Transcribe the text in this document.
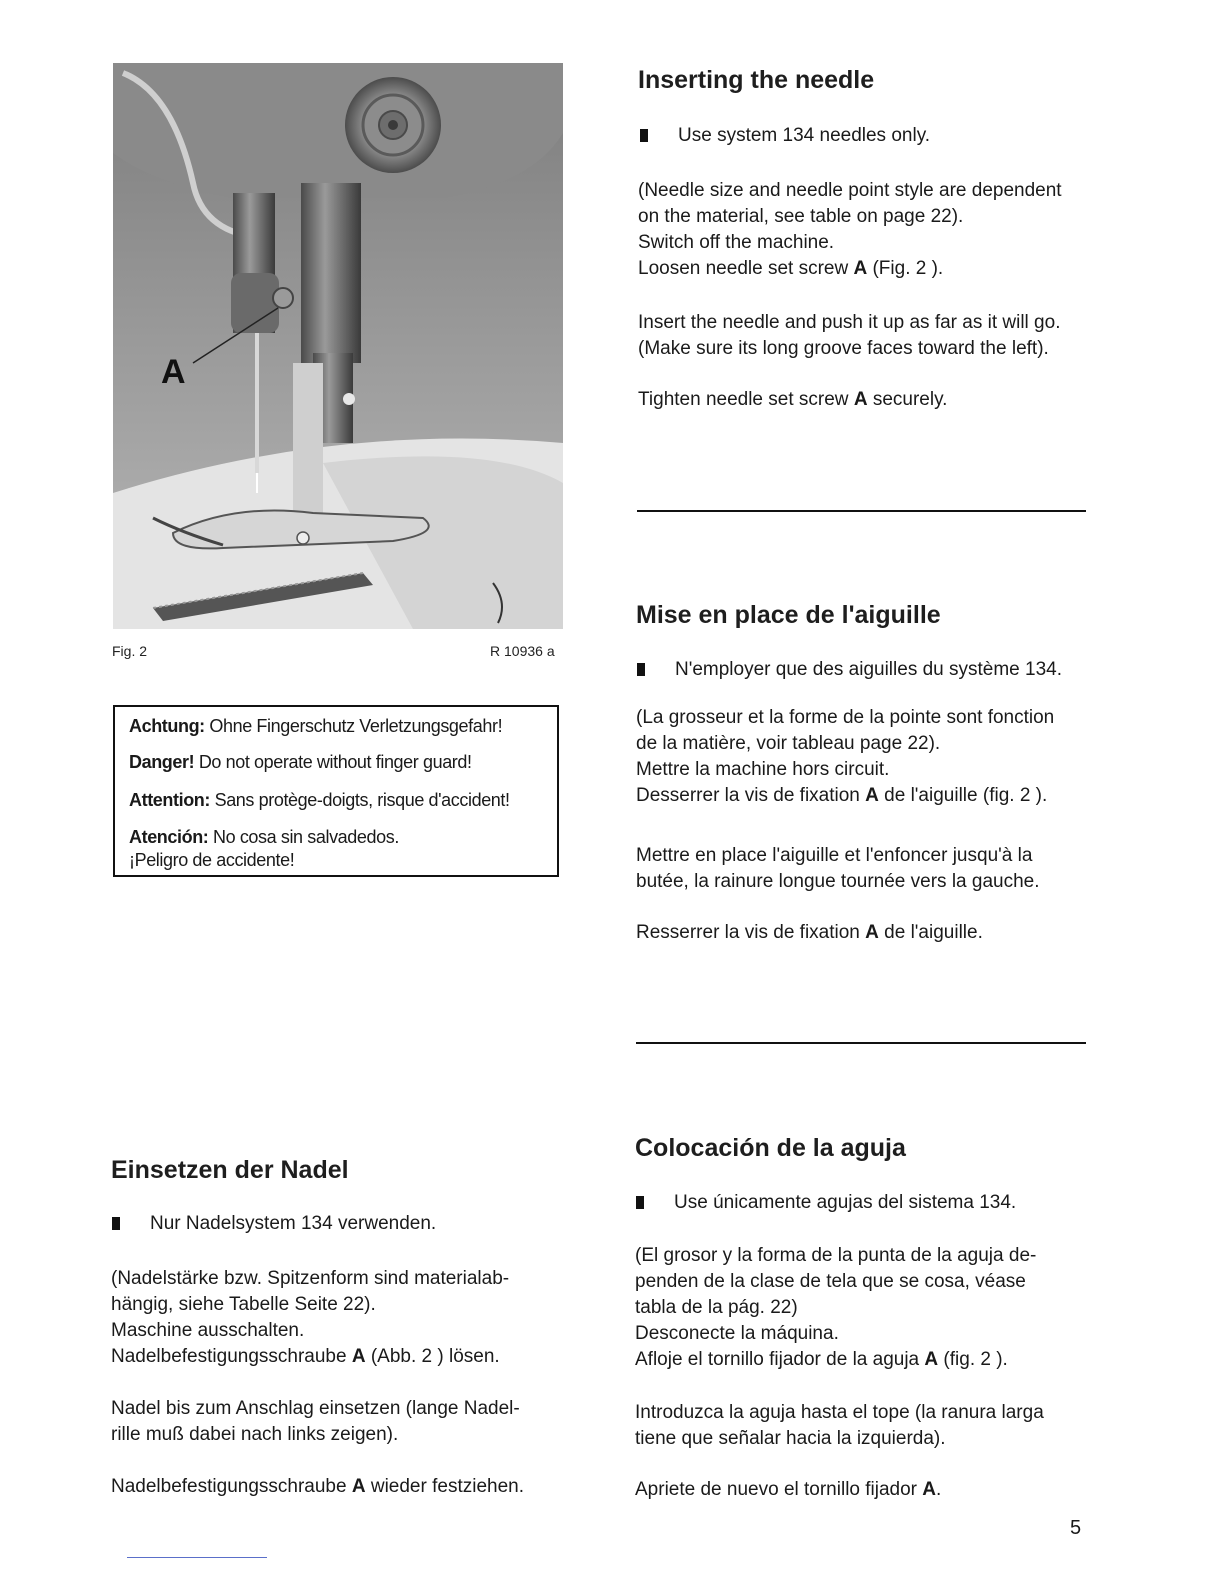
A
Fig. 2	R 10936 a
Achtung: Ohne Fingerschutz Verletzungsgefahr!
Danger! Do not operate without finger guard!
Attention: Sans protège-doigts, risque d'accident!
Atención: No cosa sin salvadedos.
¡Peligro de accidente!
Inserting the needle
Use system 134 needles only.

(Needle size and needle point style are dependent
on the material, see table on page 22).
Switch off the machine.
Loosen needle set screw A (Fig. 2 ).

Insert the needle and push it up as far as it will go.
(Make sure its long groove faces toward the left).

Tighten needle set screw A securely.

Mise en place de l'aiguille
N'employer que des aiguilles du système 134.

(La grosseur et la forme de la pointe sont fonction
de la matière, voir tableau page 22).
Mettre la machine hors circuit.
Desserrer la vis de fixation A de l'aiguille (fig. 2 ).

Mettre en place l'aiguille et l'enfoncer jusqu'à la
butée, la rainure longue tournée vers la gauche.

Resserrer la vis de fixation A de l'aiguille.

Einsetzen der Nadel
Nur Nadelsystem 134 verwenden.

(Nadelstärke bzw. Spitzenform sind materialab-
hängig, siehe Tabelle Seite 22).
Maschine ausschalten.
Nadelbefestigungsschraube A (Abb. 2 ) lösen.

Nadel bis zum Anschlag einsetzen (lange Nadel-
rille muß dabei nach links zeigen).

Nadelbefestigungsschraube A wieder festziehen.

Colocación de la aguja
Use únicamente agujas del sistema 134.

(El grosor y la forma de la punta de la aguja de-
penden de la clase de tela que se cosa, véase
tabla de la pág. 22)
Desconecte la máquina.
Afloje el tornillo fijador de la aguja A (fig. 2 ).

Introduzca la aguja hasta el tope (la ranura larga
tiene que señalar hacia la izquierda).

Apriete de nuevo el tornillo fijador A.

5
